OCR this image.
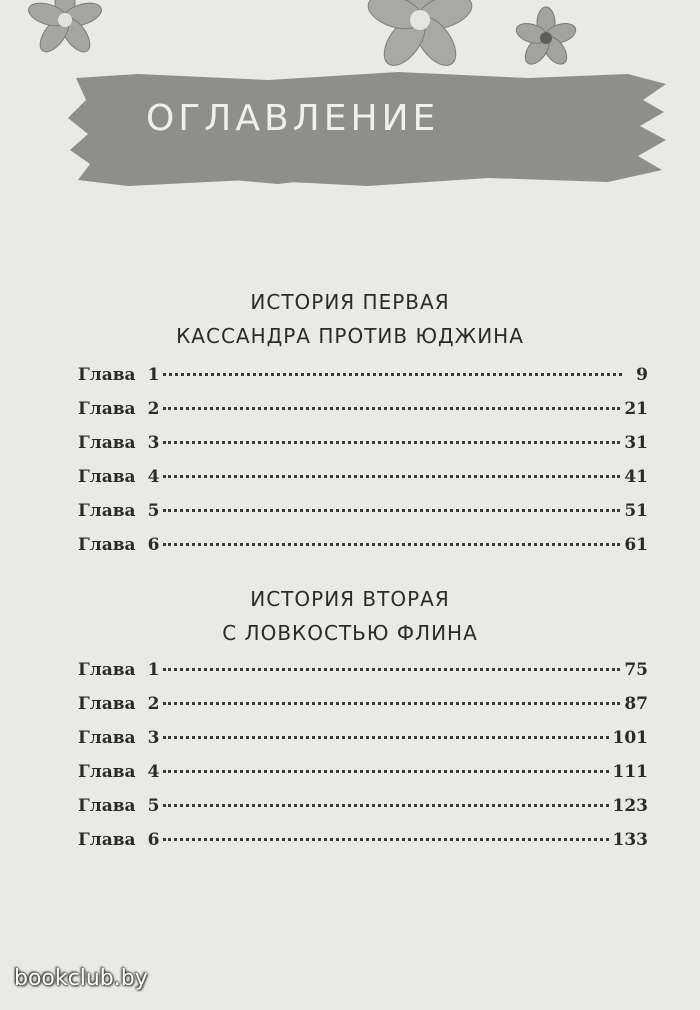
ОГЛАВЛЕНИЕ
ИСТОРИЯ ПЕРВАЯ
КАССАНДРА ПРОТИВ ЮДЖИНА
Глава 1	9
Глава 2	21
Глава 3	31
Глава 4	41
Глава 5	51
Глава 6	61
ИСТОРИЯ ВТОРАЯ
С ЛОВКОСТЬЮ ФЛИНА
Глава 1	75
Глава 2	87
Глава 3	101
Глава 4	111
Глава 5	123
Глава 6	133
bookclub.by
